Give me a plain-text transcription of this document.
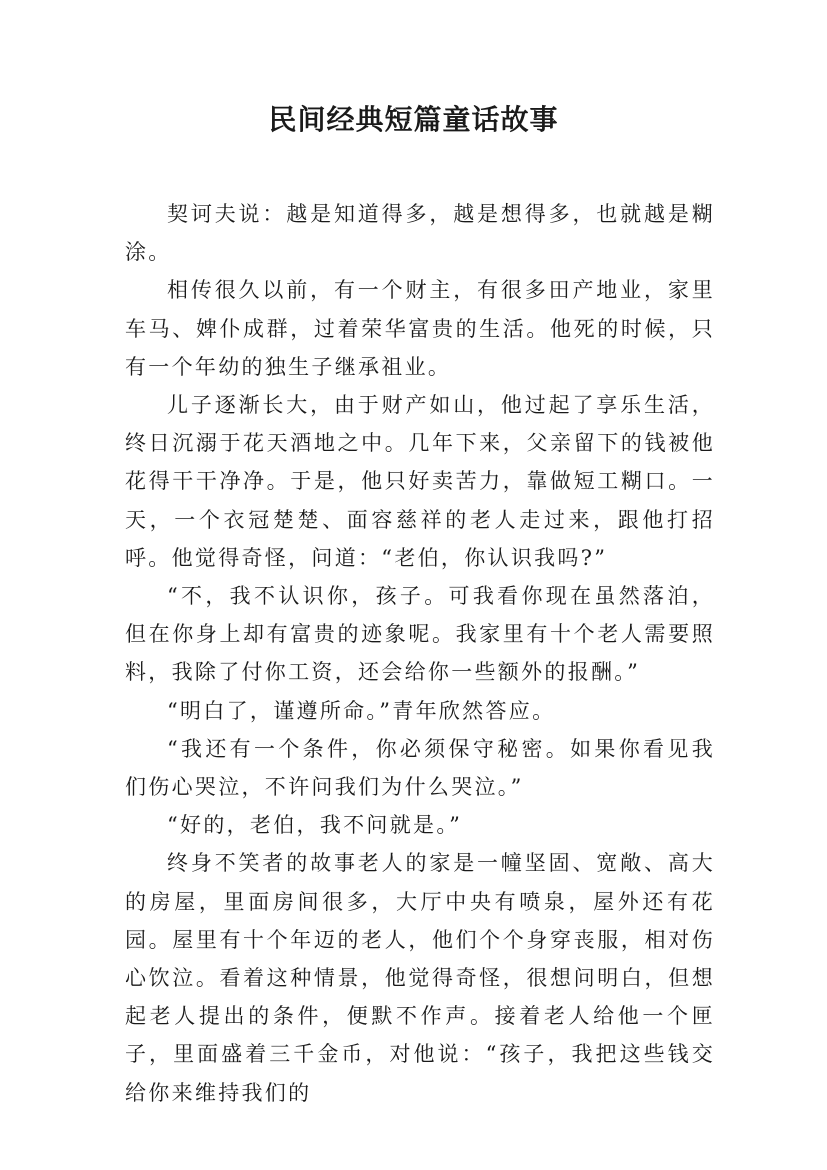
民间经典短篇童话故事

契诃夫说：越是知道得多，越是想得多，也就越是糊涂。

相传很久以前，有一个财主，有很多田产地业，家里车马、婢仆成群，过着荣华富贵的生活。他死的时候，只有一个年幼的独生子继承祖业。

儿子逐渐长大，由于财产如山，他过起了享乐生活，终日沉溺于花天酒地之中。几年下来，父亲留下的钱被他花得干干净净。于是，他只好卖苦力，靠做短工糊口。一天，一个衣冠楚楚、面容慈祥的老人走过来，跟他打招呼。他觉得奇怪，问道：“老伯，你认识我吗?”

“不，我不认识你，孩子。可我看你现在虽然落泊，但在你身上却有富贵的迹象呢。我家里有十个老人需要照料，我除了付你工资，还会给你一些额外的报酬。”

“明白了，谨遵所命。”青年欣然答应。

“我还有一个条件，你必须保守秘密。如果你看见我们伤心哭泣，不许问我们为什么哭泣。”

“好的，老伯，我不问就是。”

终身不笑者的故事老人的家是一幢坚固、宽敞、高大的房屋，里面房间很多，大厅中央有喷泉，屋外还有花园。屋里有十个年迈的老人，他们个个身穿丧服，相对伤心饮泣。看着这种情景，他觉得奇怪，很想问明白，但想起老人提出的条件，便默不作声。接着老人给他一个匣子，里面盛着三千金币，对他说：“孩子，我把这些钱交给你来维持我们的
